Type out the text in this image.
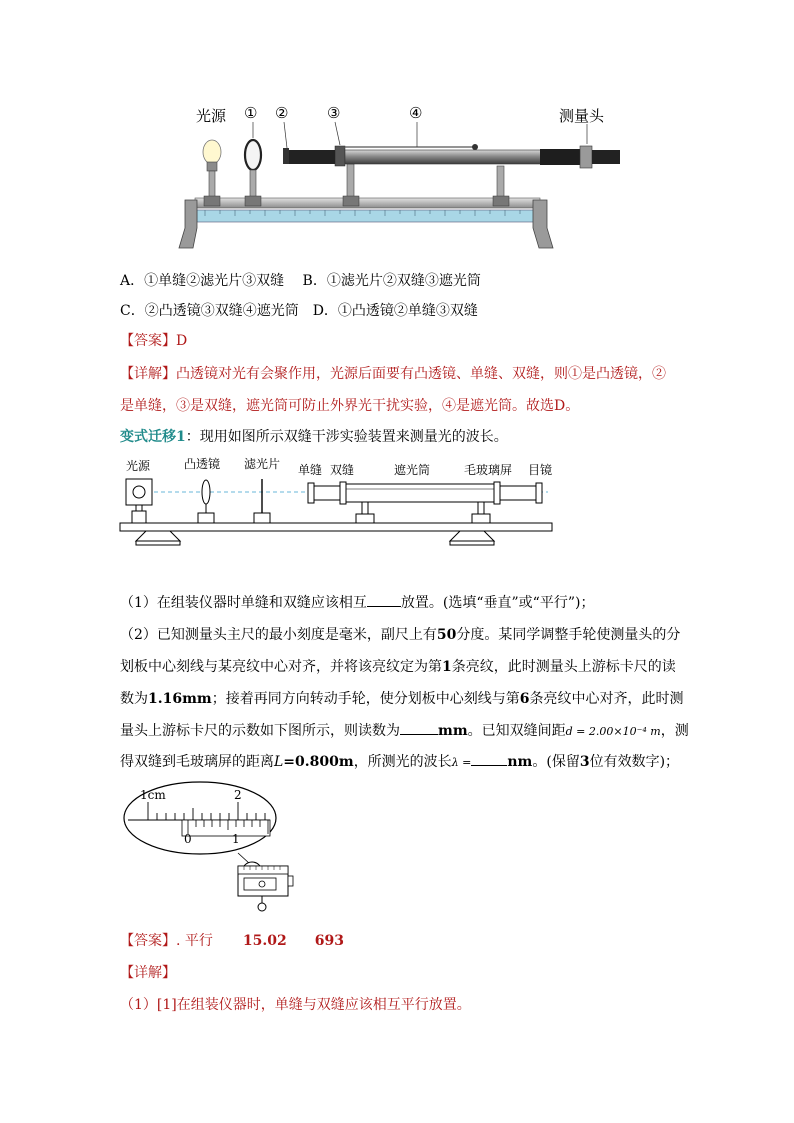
光源 ① ②	③	④	测量头
A．①单缝②滤光片③双缝　 B．①滤光片②双缝③遮光筒
C．②凸透镜③双缝④遮光筒　D．①凸透镜②单缝③双缝
【答案】D
【详解】凸透镜对光有会聚作用，光源后面要有凸透镜、单缝、双缝，则①是凸透镜，②
是单缝，③是双缝，遮光筒可防止外界光干扰实验，④是遮光筒。故选D。
变式迁移1：现用如图所示双缝干涉实验装置来测量光的波长。
光源	凸透镜 滤光片 单缝 双缝	遮光筒	毛玻璃屏 目镜
（1）在组装仪器时单缝和双缝应该相互 放置。(选填“垂直”或“平行”)；
（2）已知测量头主尺的最小刻度是毫米，副尺上有50分度。某同学调整手轮使测量头的分
划板中心刻线与某亮纹中心对齐，并将该亮纹定为第1条亮纹，此时测量头上游标卡尺的读
数为1.16mm；接着再同方向转动手轮，使分划板中心刻线与第6条亮纹中心对齐，此时测
量头上游标卡尺的示数如下图所示，则读数为	mm。已知双缝间距d = 2.00×10⁻⁴ m，测
得双缝到毛玻璃屏的距离L=0.800m，所测光的波长λ =	nm。(保留3位有效数字)；
1cm	2
0	1
【答案】. 平行 15.02 693
【详解】
（1）[1]在组装仪器时，单缝与双缝应该相互平行放置。
